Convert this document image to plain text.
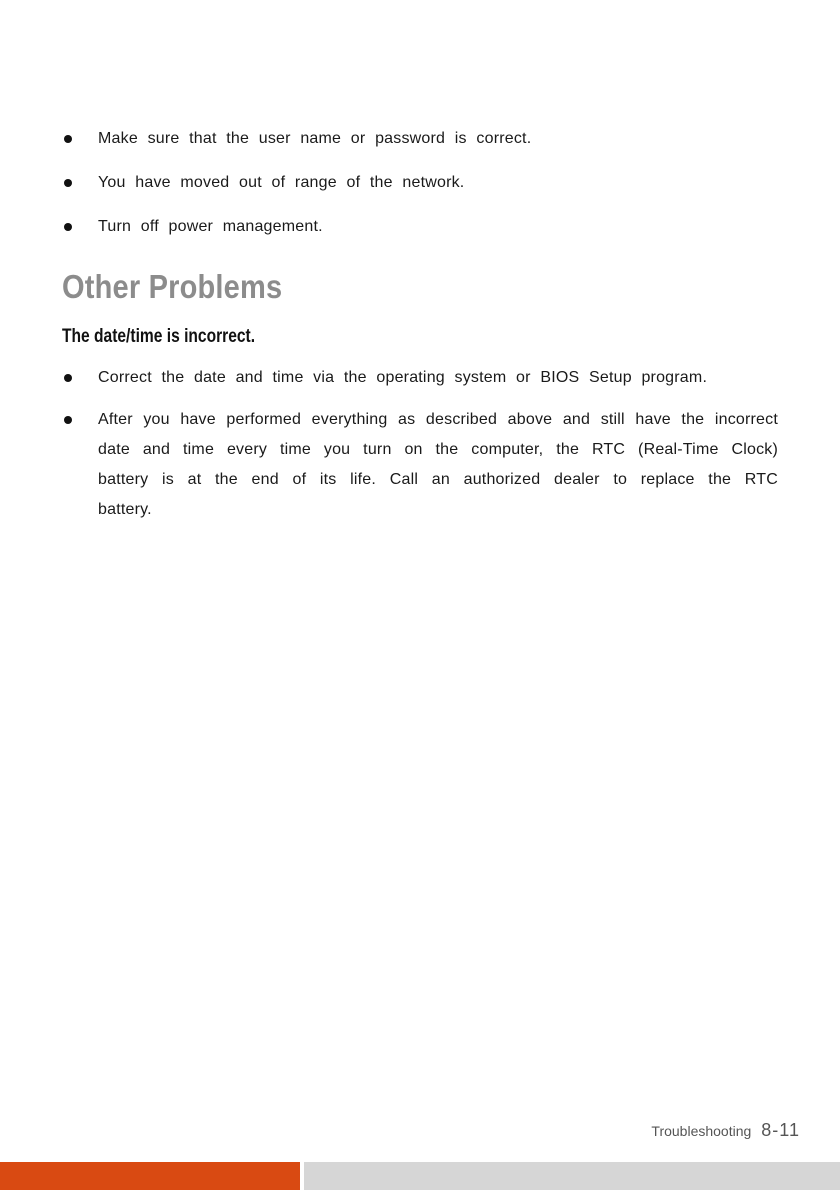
Make sure that the user name or password is correct.
You have moved out of range of the network.
Turn off power management.
Other Problems
The date/time is incorrect.
Correct the date and time via the operating system or BIOS Setup program.
After you have performed everything as described above and still have the incorrect date and time every time you turn on the computer, the RTC (Real-Time Clock) battery is at the end of its life. Call an authorized dealer to replace the RTC battery.
Troubleshooting 8-11
